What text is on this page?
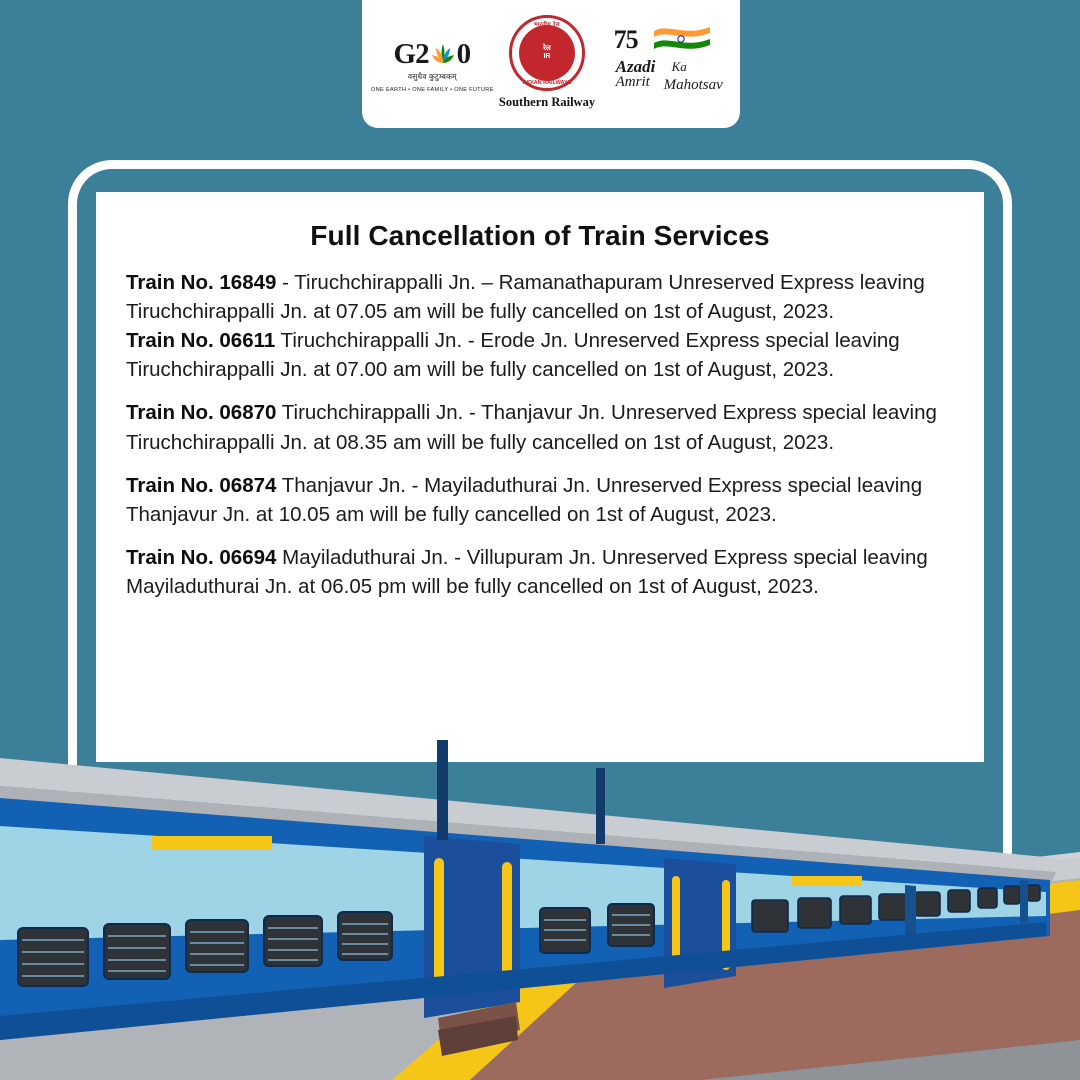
G2 0
वसुधैव कुटुम्बकम्
ONE EARTH • ONE FAMILY • ONE FUTURE
भारतीय रेल
रेल
IR
INDIAN RAILWAYS
Southern Railway
75
Azadi Ka
Amrit Mahotsav
Full Cancellation of Train Services

Train No. 16849 - Tiruchchirappalli Jn. – Ramanathapuram Unreserved Express leaving Tiruchchirappalli Jn. at 07.05 am will be fully cancelled on 1st of August, 2023.

Train No. 06611 Tiruchchirappalli Jn. - Erode Jn. Unreserved Express special leaving Tiruchchirappalli Jn. at 07.00 am will be fully cancelled on 1st of August, 2023.

Train No. 06870 Tiruchchirappalli Jn. - Thanjavur Jn. Unreserved Express special leaving Tiruchchirappalli Jn. at 08.35 am will be fully cancelled on 1st of August, 2023.

Train No. 06874 Thanjavur Jn. - Mayiladuthurai Jn. Unreserved Express special leaving Thanjavur Jn. at 10.05 am will be fully cancelled on 1st of August, 2023.

Train No. 06694 Mayiladuthurai Jn. - Villupuram Jn. Unreserved Express special leaving Mayiladuthurai Jn. at 06.05 pm will be fully cancelled on 1st of August, 2023.
